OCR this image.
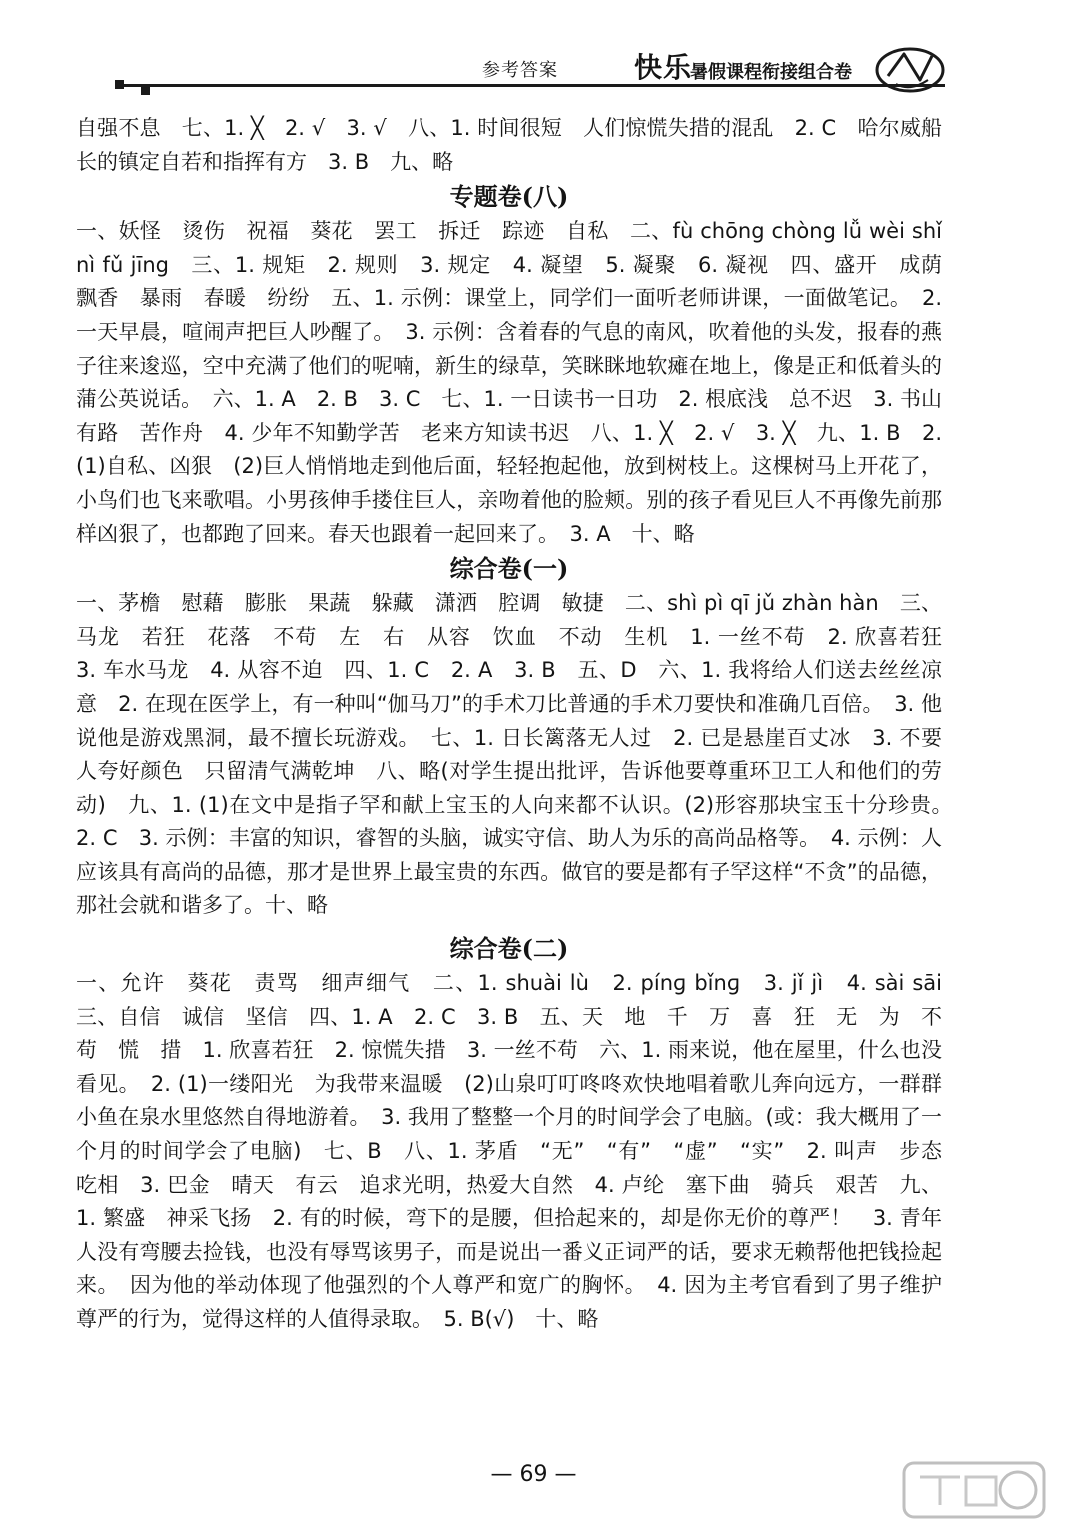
参考答案	快乐
暑假课程衔接组合卷

自强不息　七、1. ╳　2. √　3. √　八、1. 时间很短　人们惊慌失措的混乱　2. C　哈尔威船长的镇定自若和指挥有方　3. B　九、略

专题卷(八)

一、妖怪　烫伤　祝福　葵花　罢工　拆迁　踪迹　自私　二、fù chōng chòng lǚ wèi shǐ nì fǔ jīng　三、1. 规矩　2. 规则　3. 规定　4. 凝望　5. 凝聚　6. 凝视　四、盛开　成荫　飘香　暴雨　春暖　纷纷　五、1. 示例：课堂上，同学们一面听老师讲课，一面做笔记。　2. 一天早晨，喧闹声把巨人吵醒了。　3. 示例：含着春的气息的南风，吹着他的头发，报春的燕子往来逡巡，空中充满了他们的呢喃，新生的绿草，笑眯眯地软瘫在地上，像是正和低着头的蒲公英说话。　六、1. A　2. B　3. C　七、1. 一日读书一日功　2. 根底浅　总不迟　3. 书山有路　苦作舟　4. 少年不知勤学苦　老来方知读书迟　八、1. ╳　2. √　3. ╳　九、1. B　2. (1)自私、凶狠　(2)巨人悄悄地走到他后面，轻轻抱起他，放到树枝上。这棵树马上开花了，小鸟们也飞来歌唱。小男孩伸手搂住巨人，亲吻着他的脸颊。别的孩子看见巨人不再像先前那样凶狠了，也都跑了回来。春天也跟着一起回来了。　3. A　十、略

综合卷(一)

一、茅檐　慰藉　膨胀　果蔬　躲藏　潇洒　腔调　敏捷　二、shì pì qī jǔ zhàn hàn　三、马龙　若狂　花落　不苟　左　右　从容　饮血　不动　生机　1. 一丝不苟　2. 欣喜若狂　3. 车水马龙　4. 从容不迫　四、1. C　2. A　3. B　五、D　六、1. 我将给人们送去丝丝凉意　2. 在现在医学上，有一种叫“伽马刀”的手术刀比普通的手术刀要快和准确几百倍。　3. 他说他是游戏黑洞，最不擅长玩游戏。　七、1. 日长篱落无人过　2. 已是悬崖百丈冰　3. 不要人夸好颜色　只留清气满乾坤　八、略(对学生提出批评，告诉他要尊重环卫工人和他们的劳动)　九、1. (1)在文中是指子罕和献上宝玉的人向来都不认识。(2)形容那块宝玉十分珍贵。　2. C　3. 示例：丰富的知识，睿智的头脑，诚实守信、助人为乐的高尚品格等。　4. 示例：人应该具有高尚的品德，那才是世界上最宝贵的东西。做官的要是都有子罕这样“不贪”的品德，那社会就和谐多了。十、略

综合卷(二)

一、允许　葵花　责骂　细声细气　二、1. shuài lù　2. pínɡ bǐnɡ　3. jǐ jì　4. sài sāi　三、自信　诚信　坚信　四、1. A　2. C　3. B　五、天　地　千　万　喜　狂　无　为　不苟　慌　措　1. 欣喜若狂　2. 惊慌失措　3. 一丝不苟　六、1. 雨来说，他在屋里，什么也没看见。　2. (1)一缕阳光　为我带来温暖　(2)山泉叮叮咚咚欢快地唱着歌儿奔向远方，一群群小鱼在泉水里悠然自得地游着。　3. 我用了整整一个月的时间学会了电脑。(或：我大概用了一个月的时间学会了电脑)　七、B　八、1. 茅盾　“无”　“有”　“虚”　“实”　2. 叫声　步态　吃相　3. 巴金　晴天　有云　追求光明，热爱大自然　4. 卢纶　塞下曲　骑兵　艰苦　九、1. 繁盛　神采飞扬　2. 有的时候，弯下的是腰，但拾起来的，却是你无价的尊严！　3. 青年人没有弯腰去捡钱，也没有辱骂该男子，而是说出一番义正词严的话，要求无赖帮他把钱捡起来。　因为他的举动体现了他强烈的个人尊严和宽广的胸怀。　4. 因为主考官看到了男子维护尊严的行为，觉得这样的人值得录取。　5. B(√)　十、略

— 69 —
